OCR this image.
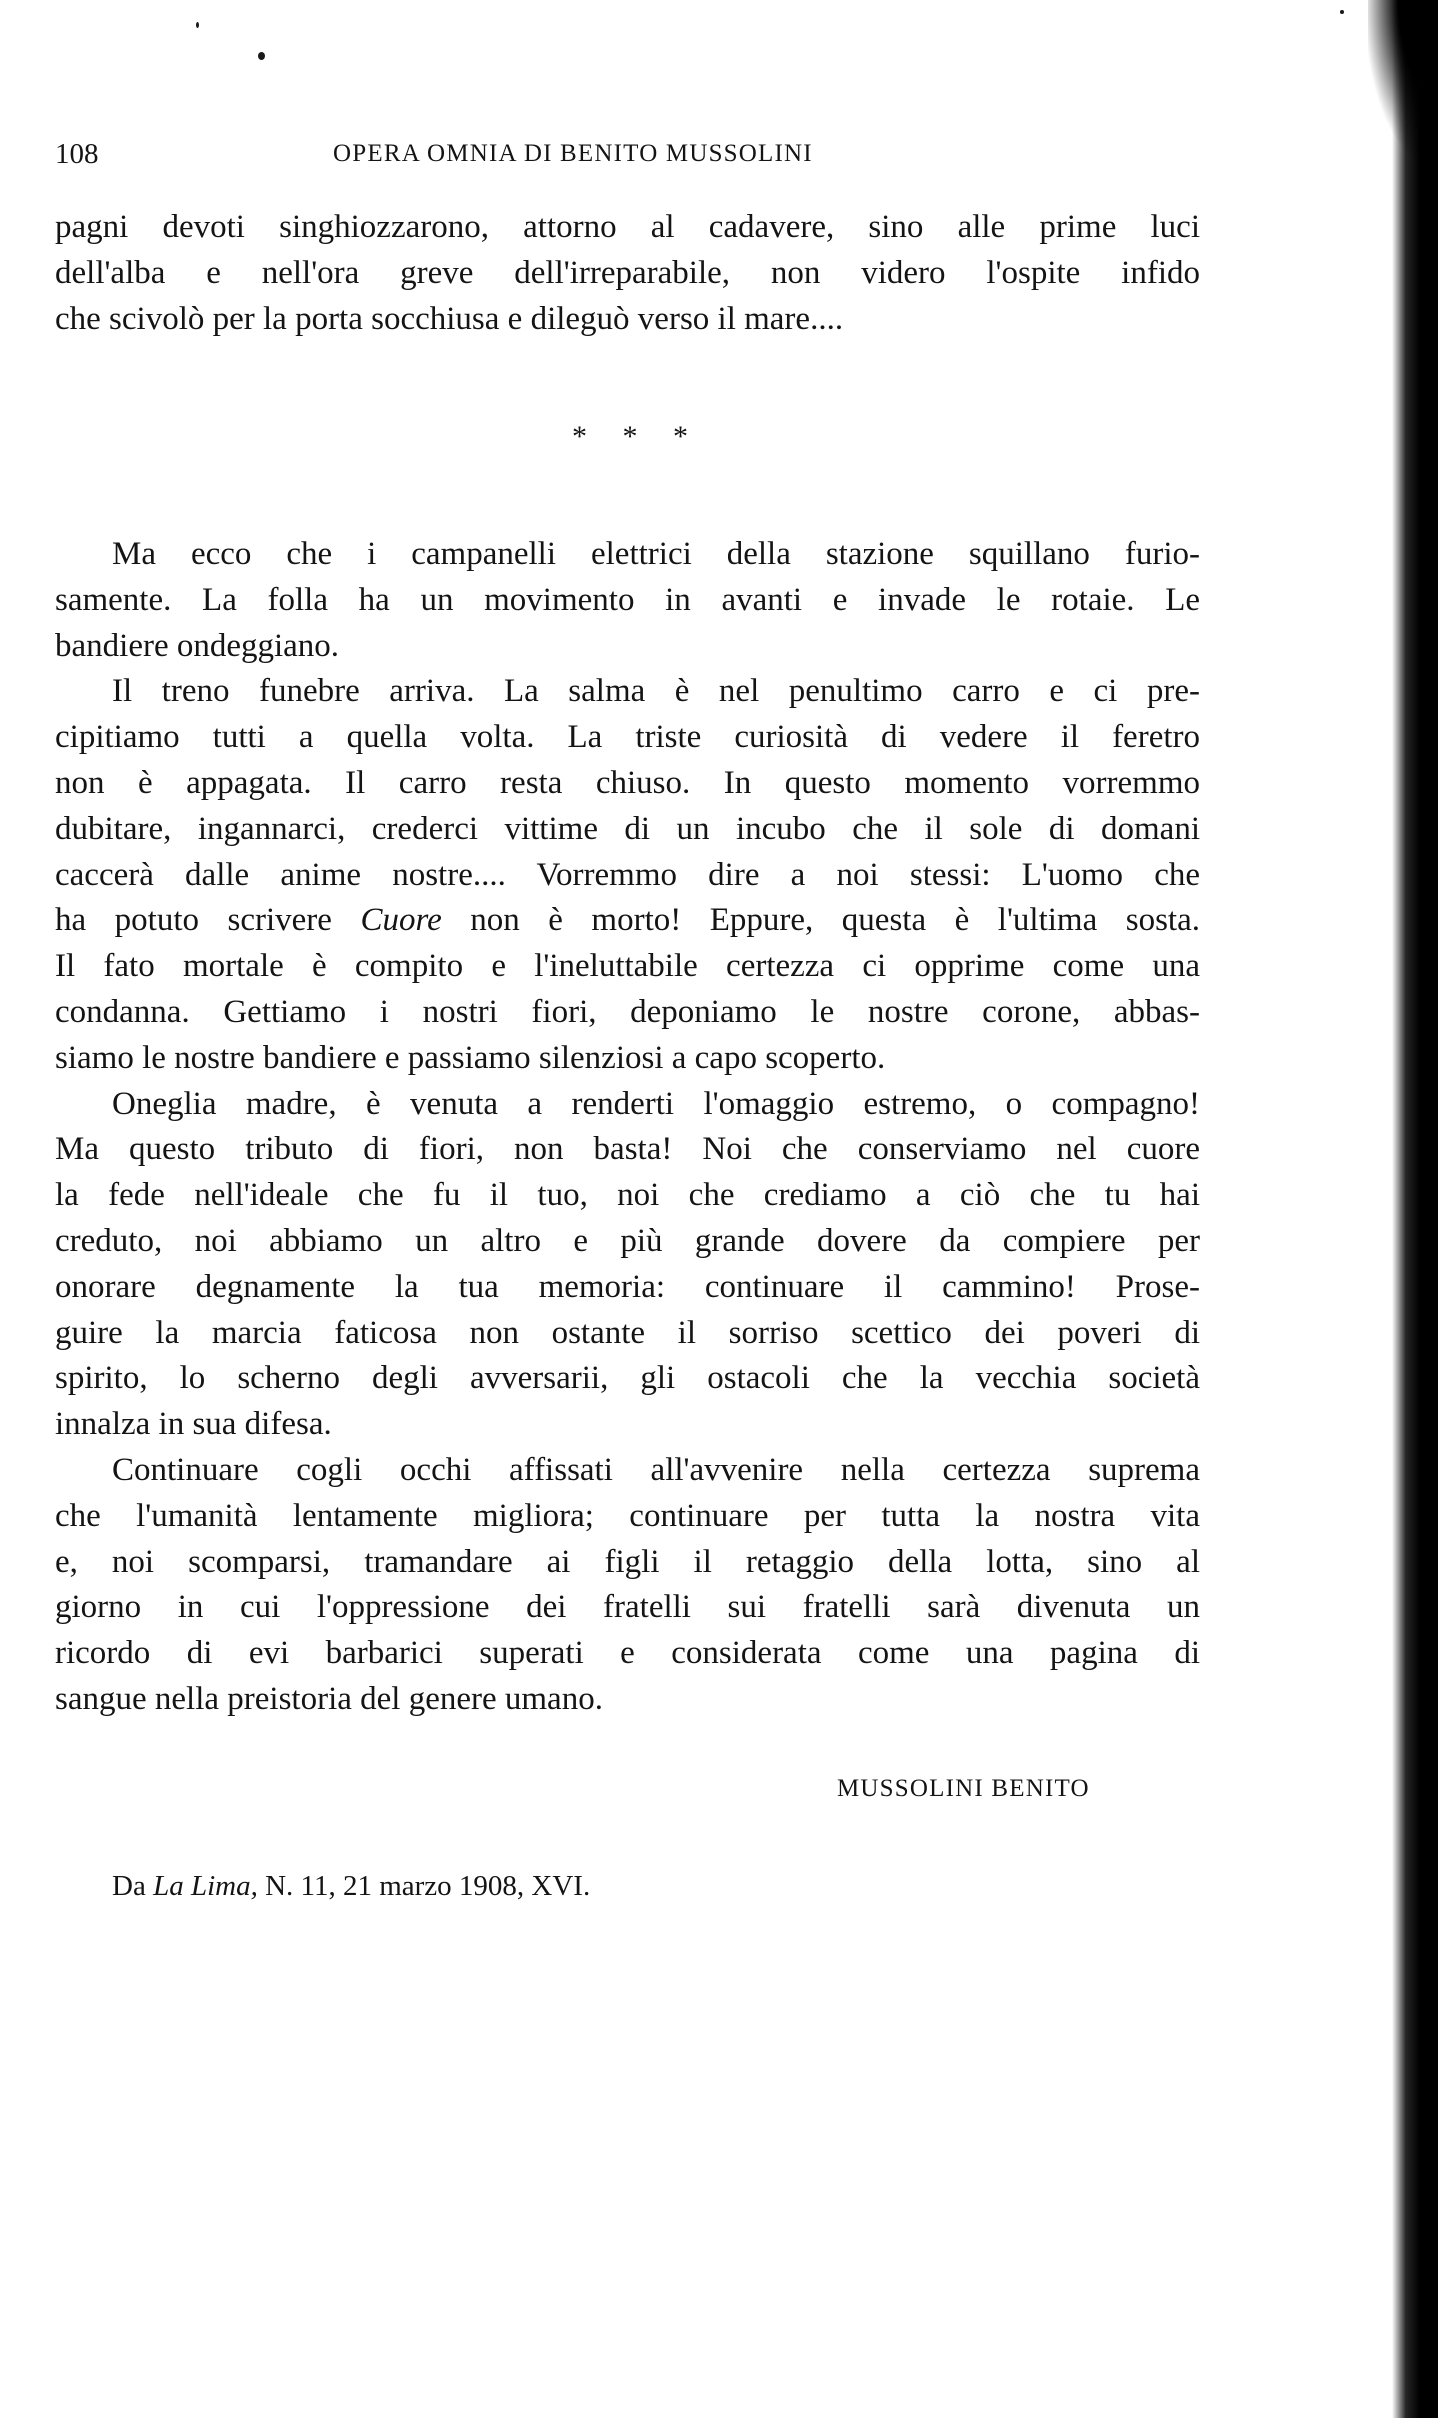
108	OPERA OMNIA DI BENITO MUSSOLINI
pagni devoti singhiozzarono, attorno al cadavere, sino alle prime luci
dell'alba e nell'ora greve dell'irreparabile, non videro l'ospite infido
che scivolò per la porta socchiusa e dileguò verso il mare....
* * *
Ma ecco che i campanelli elettrici della stazione squillano furio-
samente. La folla ha un movimento in avanti e invade le rotaie. Le
bandiere ondeggiano.
Il treno funebre arriva. La salma è nel penultimo carro e ci pre-
cipitiamo tutti a quella volta. La triste curiosità di vedere il feretro
non è appagata. Il carro resta chiuso. In questo momento vorremmo
dubitare, ingannarci, crederci vittime di un incubo che il sole di domani
caccerà dalle anime nostre.... Vorremmo dire a noi stessi: L'uomo che
ha potuto scrivere Cuore non è morto! Eppure, questa è l'ultima sosta.
Il fato mortale è compito e l'ineluttabile certezza ci opprime come una
condanna. Gettiamo i nostri fiori, deponiamo le nostre corone, abbas-
siamo le nostre bandiere e passiamo silenziosi a capo scoperto.
Oneglia madre, è venuta a renderti l'omaggio estremo, o compagno!
Ma questo tributo di fiori, non basta! Noi che conserviamo nel cuore
la fede nell'ideale che fu il tuo, noi che crediamo a ciò che tu hai
creduto, noi abbiamo un altro e più grande dovere da compiere per
onorare degnamente la tua memoria: continuare il cammino! Prose-
guire la marcia faticosa non ostante il sorriso scettico dei poveri di
spirito, lo scherno degli avversarii, gli ostacoli che la vecchia società
innalza in sua difesa.
Continuare cogli occhi affissati all'avvenire nella certezza suprema
che l'umanità lentamente migliora; continuare per tutta la nostra vita
e, noi scomparsi, tramandare ai figli il retaggio della lotta, sino al
giorno in cui l'oppressione dei fratelli sui fratelli sarà divenuta un
ricordo di evi barbarici superati e considerata come una pagina di
sangue nella preistoria del genere umano.
MUSSOLINI BENITO
Da La Lima, N. 11, 21 marzo 1908, XVI.
